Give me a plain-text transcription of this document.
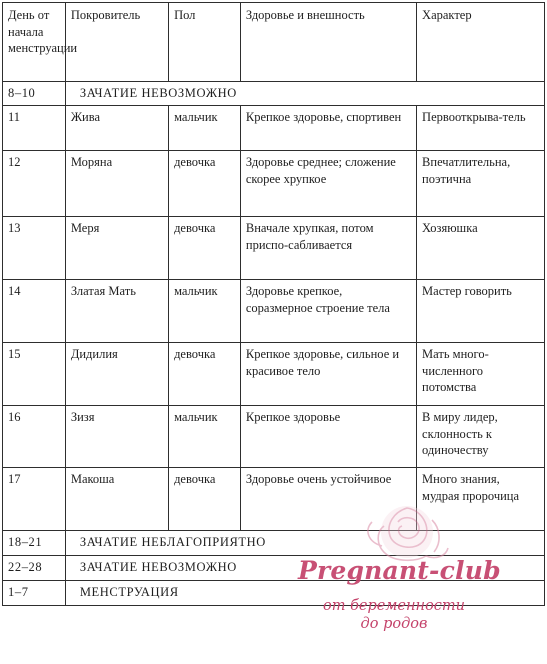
День от начала менструации	Покровитель	Пол	Здоровье и внешность	Характер
8–10	ЗАЧАТИЕ НЕВОЗМОЖНО			
11	Жива	мальчик	Крепкое здоровье, спортивен	Первооткрыва-тель
12	Моряна	девочка	Здоровье среднее; сложение скорее хрупкое	Впечатлительна, поэтична
13	Меря	девочка	Вначале хрупкая, потом приспо-сабливается	Хозяюшка
14	Златая Мать	мальчик	Здоровье крепкое, соразмерное строение тела	Мастер говорить
15	Дидилия	девочка	Крепкое здоровье, сильное и красивое тело	Мать много-численного потомства
16	Зизя	мальчик	Крепкое здоровье	В миру лидер, склонность к одиночеству
17	Макоша	девочка	Здоровье очень устойчивое	Много знания, мудрая пророчица
18–21	ЗАЧАТИЕ НЕБЛАГОПРИЯТНО			
22–28	ЗАЧАТИЕ НЕВОЗМОЖНО			
1–7	МЕНСТРУАЦИЯ			
Pregnant-club
от беременности
до родов
